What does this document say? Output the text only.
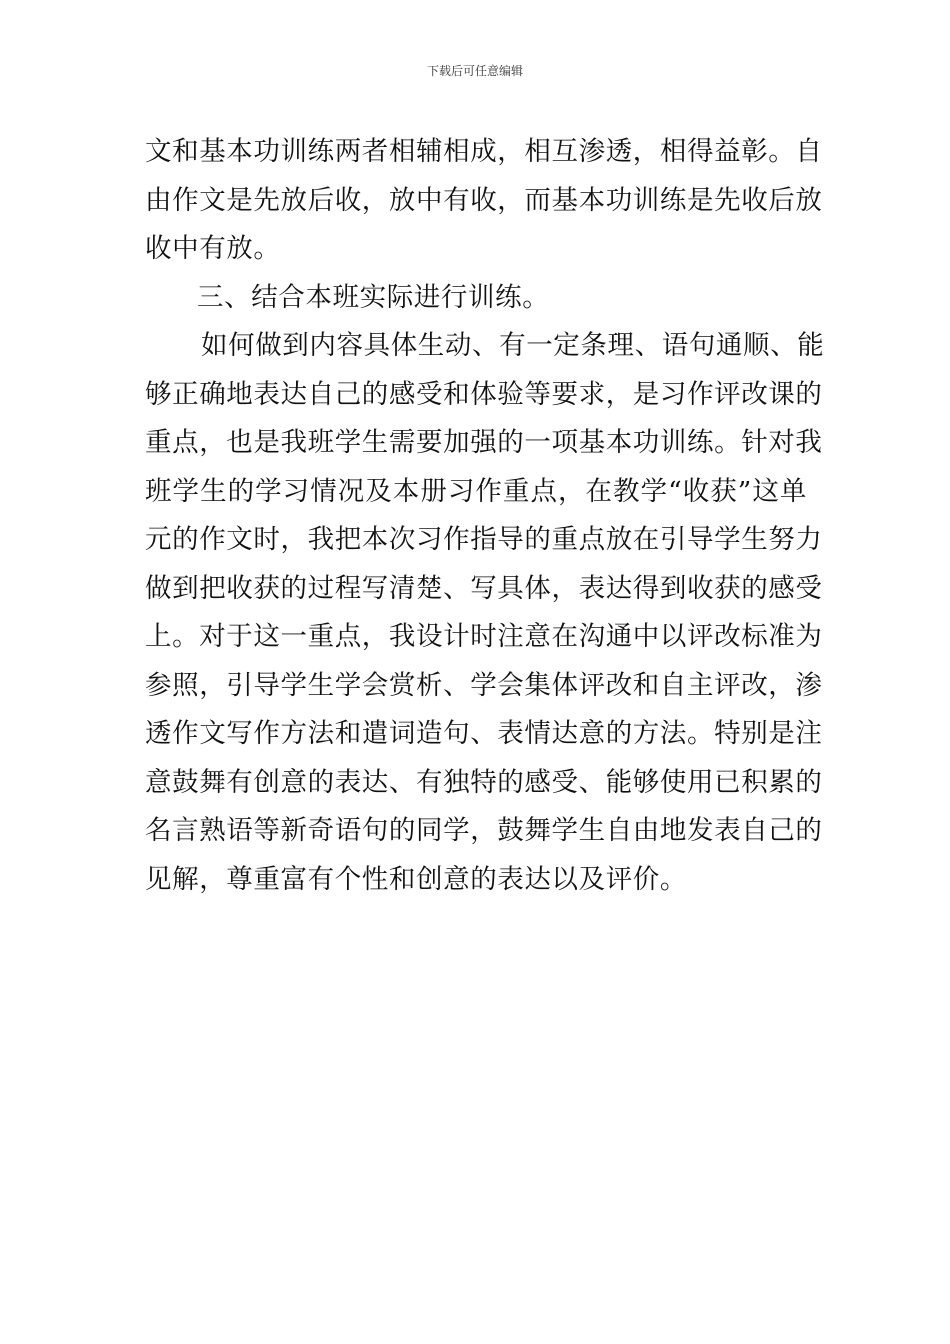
下载后可任意编辑
文和基本功训练两者相辅相成，相互渗透，相得益彰。自
由作文是先放后收，放中有收，而基本功训练是先收后放
收中有放。
三、结合本班实际进行训练。
如何做到内容具体生动、有一定条理、语句通顺、能
够正确地表达自己的感受和体验等要求，是习作评改课的
重点，也是我班学生需要加强的一项基本功训练。针对我
班学生的学习情况及本册习作重点，在教学“收获”这单
元的作文时，我把本次习作指导的重点放在引导学生努力
做到把收获的过程写清楚、写具体，表达得到收获的感受
上。对于这一重点，我设计时注意在沟通中以评改标准为
参照，引导学生学会赏析、学会集体评改和自主评改，渗
透作文写作方法和遣词造句、表情达意的方法。特别是注
意鼓舞有创意的表达、有独特的感受、能够使用已积累的
名言熟语等新奇语句的同学，鼓舞学生自由地发表自己的
见解，尊重富有个性和创意的表达以及评价。
